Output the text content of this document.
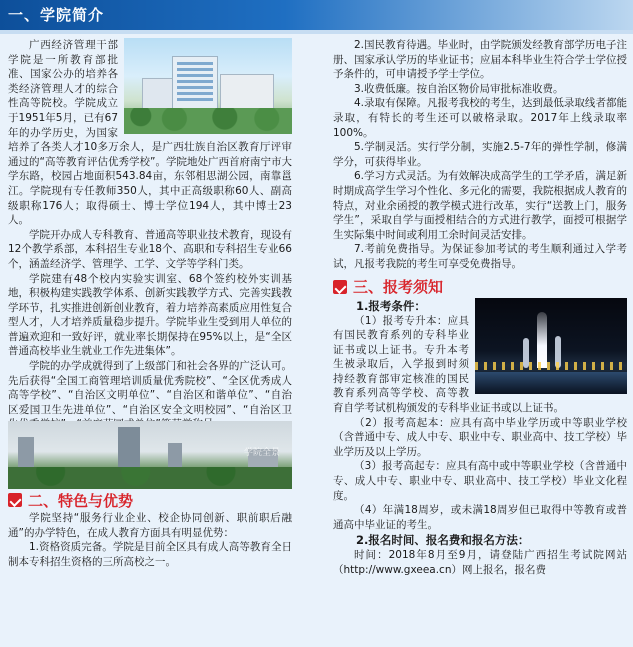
一、学院简介

广西经济管理干部学院是一所教育部批准、国家公办的培养各类经济管理人才的综合性高等院校。学院成立于1951年5月，已有67年的办学历史，为国家培养了各类人才10多万余人，是广西壮族自治区教育厅评审通过的“高等教育评估优秀学校”。学院地处广西首府南宁市大学东路，校园占地面积543.84亩，东邻相思湖公园，南靠邕江。学院现有专任教师350人，其中正高级职称60人、副高级职称176人；取得硕士、博士学位194人，其中博士23人。

学院开办成人专科教育、普通高等职业技术教育，现设有12个教学系部，本科招生专业18个、高职和专科招生专业66个，涵盖经济学、管理学、工学、文学等学科门类。

学院建有48个校内实验实训室、68个签约校外实训基地，积极构建实践教学体系、创新实践教学方式、完善实践教学环节，扎实推进创新创业教育，着力培养高素质应用性复合型人才，人才培养质量稳步提升。学院毕业生受到用人单位的普遍欢迎和一致好评，就业率长期保持在95%以上，是“全区普通高校毕业生就业工作先进集体”。

学院的办学成就得到了上级部门和社会各界的广泛认可。先后获得“全国工商管理培训质量优秀院校”、“全区优秀成人高等学校”、“自治区文明单位”、“自治区和谐单位”、“自治区爱国卫生先进单位”、“自治区安全文明校园”、“自治区卫

学院全景
二、特色与优势

学院坚持“服务行业企业、校企协同创新、职前职后融通”的办学特色，在成人教育方面具有明显优势：

1.资格资质完备。学院是目前全区具有成人高等教育全日制本专科招生资格的三所高校之一。

2.国民教育待遇。毕业时，由学院颁发经教育部学历电子注册、国家承认学历的毕业证书；应届本科毕业生符合学士学位授予条件的，可申请授予学士学位。

3.收费低廉。按自治区物价局审批标准收费。

4.录取有保障。凡报考我校的考生，达到最低录取线者都能录取，有特长的考生还可以破格录取。2017年上线录取率100%。

5.学制灵活。实行学分制，实施2.5-7年的弹性学制，修满学分，可获得毕业。

6.学习方式灵活。为有效解决成高学生的工学矛盾，满足新时期成高学生学习个性化、多元化的需要，我院根据成人教育的特点，对业余函授的教学模式进行改革，实行“送教上门，服务学生”，采取自学与面授相结合的方式进行教学，面授可根据学生实际集中时间或利用工余时间灵活安排。

7.考前免费指导。为保证参加考试的考生顺利通过入学考试，凡报考我院的考生可享受免费指导。

三、报考须知

1.报考条件：

（1）报考专升本：应具有国民教育系列的专科毕业证书或以上证书。专升本考生被录取后，入学报到时须持经教育部审定核准的国民教育系列高等学校、高等教育自学考试机构颁发的专科毕业证书或以上证书。

（2）报考高起本：应具有高中毕业学历或中等职业学校（含普通中专、成人中专、职业中专、职业高中、技工学校）毕业学历及以上学历。

（3）报考高起专：应具有高中或中等职业学校（含普通中专、成人中专、职业中专、职业高中、技工学校）毕业文化程度。

（4）年满18周岁，或未满18周岁但已取得中等教育或普通高中毕业证的考生。

2.报名时间、报名费和报名方法：

时间：2018年8月至9月，请登陆广西招生考试院网站（http://www.gxeea.cn）网上报名，报名费
